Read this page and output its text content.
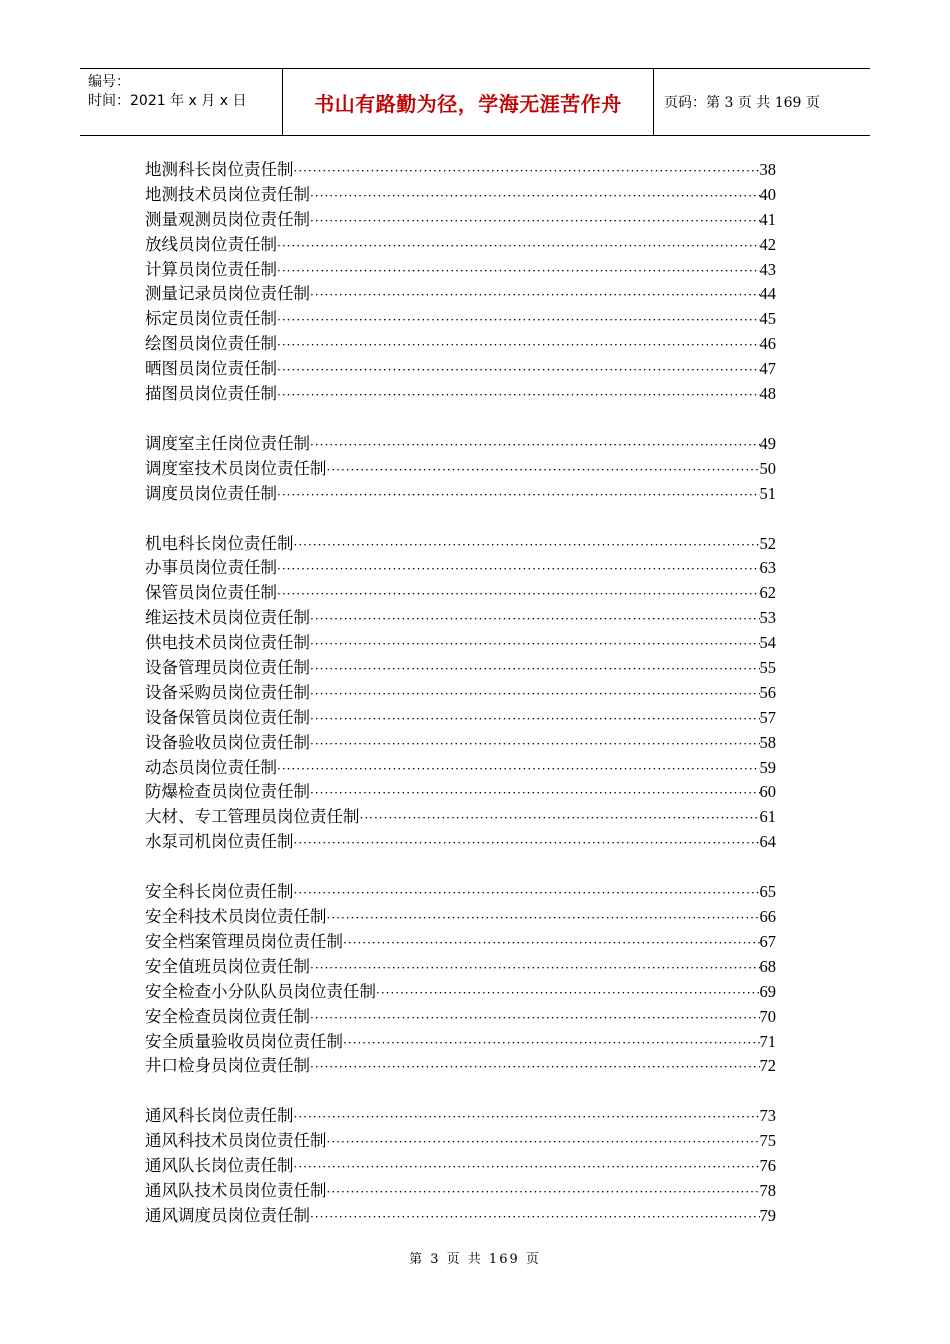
编号：
时间：2021 年 x 月 x 日	书山有路勤为径，学海无涯苦作舟	页码：第 3 页 共 169 页
地测科长岗位责任制 ·····	38
地测技术员岗位责任制 ·····	40
测量观测员岗位责任制 ·····	41
放线员岗位责任制 ·····	42
计算员岗位责任制 ·····	43
测量记录员岗位责任制 ·····	44
标定员岗位责任制 ·····	45
绘图员岗位责任制 ·····	46
晒图员岗位责任制 ·····	47
描图员岗位责任制 ·····	48
调度室主任岗位责任制 ·····	49
调度室技术员岗位责任制 ·····	50
调度员岗位责任制 ·····	51
机电科长岗位责任制 ·····	52
办事员岗位责任制 ·····	63
保管员岗位责任制 ·····	62
维运技术员岗位责任制 ·····	53
供电技术员岗位责任制 ·····	54
设备管理员岗位责任制 ·····	55
设备采购员岗位责任制 ·····	56
设备保管员岗位责任制 ·····	57
设备验收员岗位责任制 ·····	58
动态员岗位责任制 ·····	59
防爆检查员岗位责任制 ·····	60
大材、专工管理员岗位责任制 ·····	61
水泵司机岗位责任制 ·····	64
安全科长岗位责任制 ·····	65
安全科技术员岗位责任制 ·····	66
安全档案管理员岗位责任制 ·····	67
安全值班员岗位责任制 ·····	68
安全检查小分队队员岗位责任制 ·····	69
安全检查员岗位责任制 ·····	70
安全质量验收员岗位责任制 ·····	71
井口检身员岗位责任制 ·····	72
通风科长岗位责任制 ·····	73
通风科技术员岗位责任制 ·····	75
通风队长岗位责任制 ·····	76
通风队技术员岗位责任制 ·····	78
通风调度员岗位责任制 ·····	79
第 3 页 共 169 页
